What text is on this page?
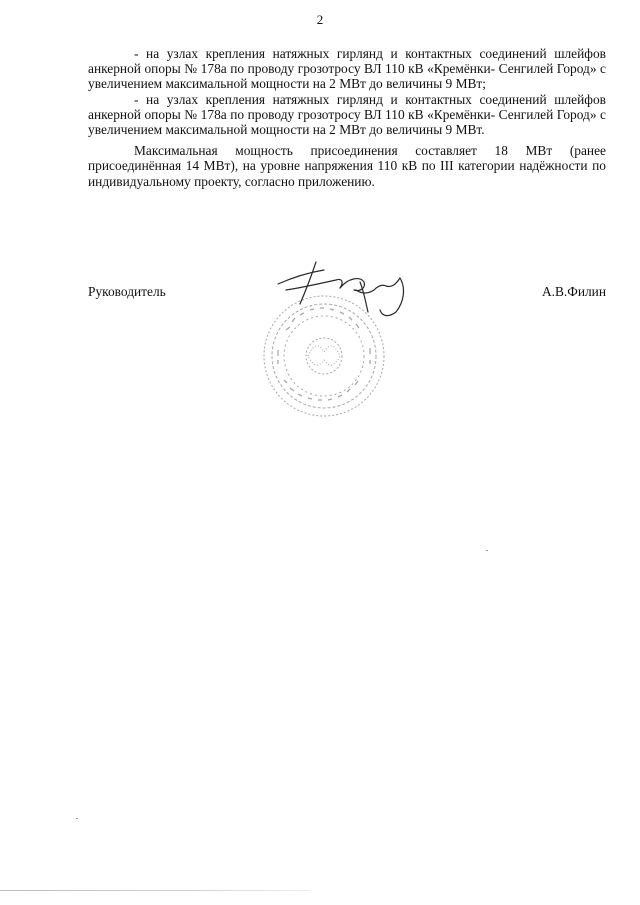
2

- на узлах крепления натяжных гирлянд и контактных соединений шлейфов анкерной опоры № 178а по проводу грозотросу ВЛ 110 кВ «Кремёнки- Сенгилей Город» с увеличением максимальной мощности на 2 МВт до величины 9 МВт;

- на узлах крепления натяжных гирлянд и контактных соединений шлейфов анкерной опоры № 178а по проводу грозотросу ВЛ 110 кВ «Кремёнки- Сенгилей Город» с увеличением максимальной мощности на 2 МВт до величины 9 МВт.

Максимальная мощность присоединения составляет 18 МВт (ранее присоединённая 14 МВт), на уровне напряжения 110 кВ по III категории надёжности по индивидуальному проекту, согласно приложению.

Руководитель	А.В.Филин
